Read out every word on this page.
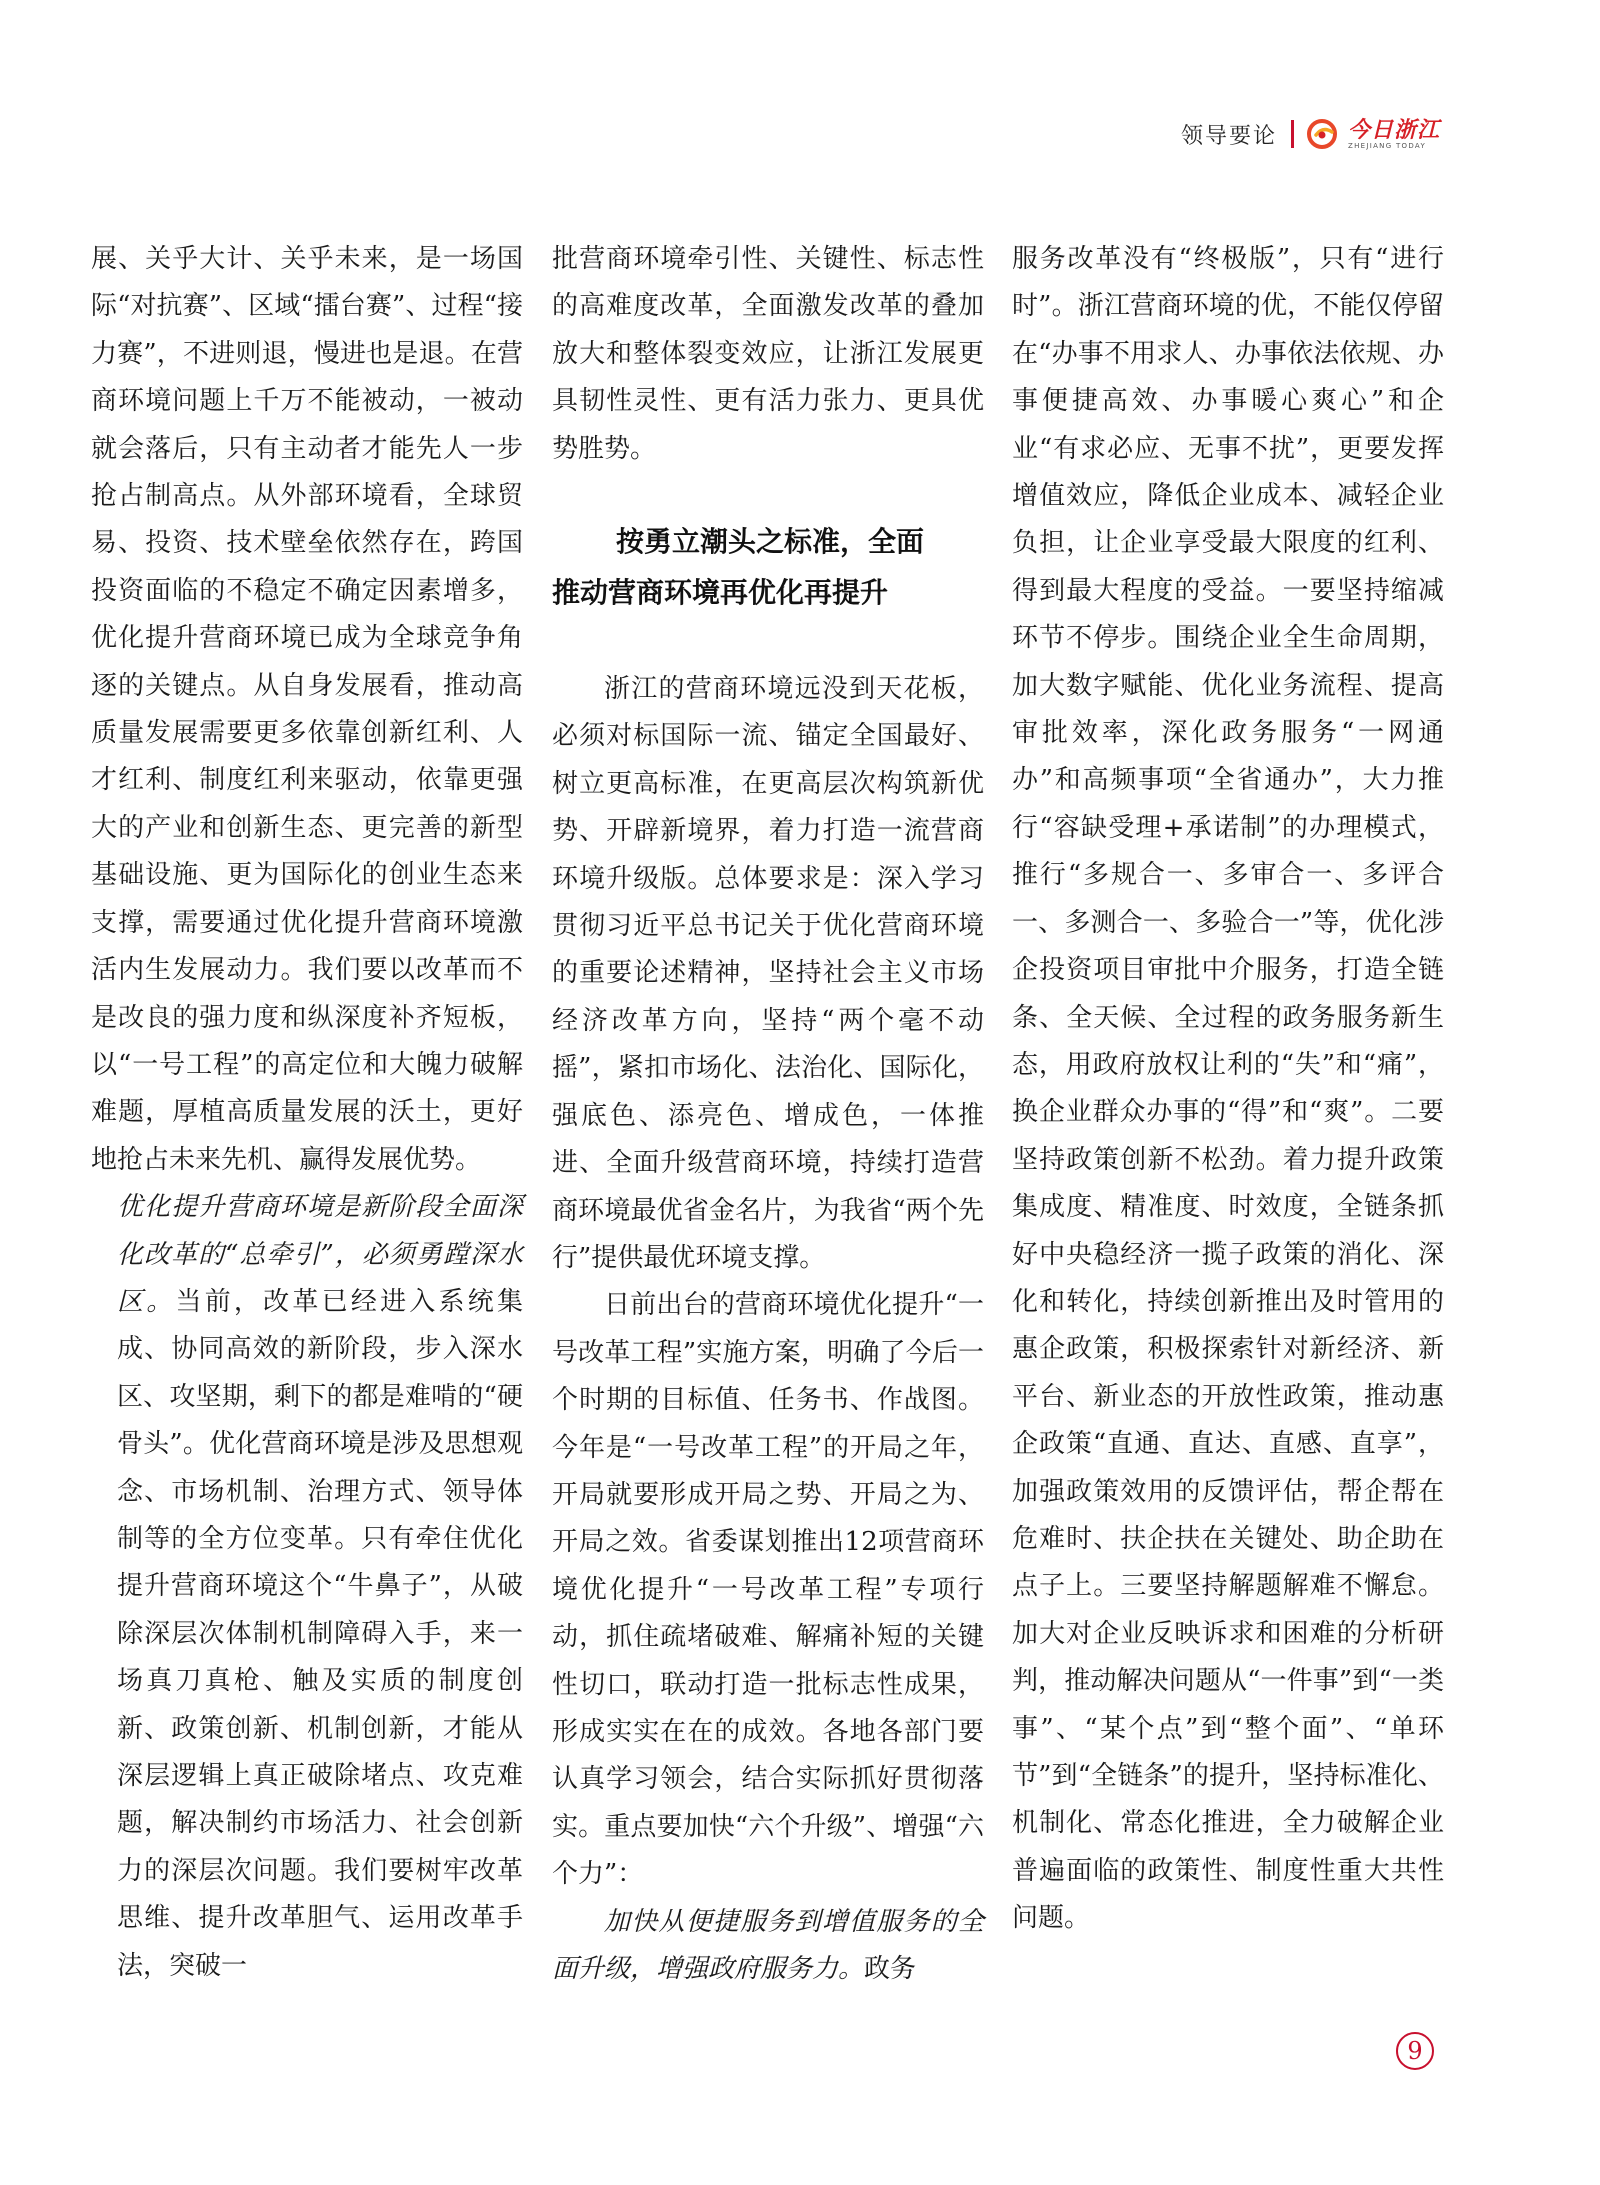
领导要论	今日浙江
ZHEJIANG TODAY

展、关乎大计、关乎未来，是一场国际“对抗赛”、区域“擂台赛”、过程“接力赛”，不进则退，慢进也是退。在营商环境问题上千万不能被动，一被动就会落后，只有主动者才能先人一步抢占制高点。从外部环境看，全球贸易、投资、技术壁垒依然存在，跨国投资面临的不稳定不确定因素增多，优化提升营商环境已成为全球竞争角逐的关键点。从自身发展看，推动高质量发展需要更多依靠创新红利、人才红利、制度红利来驱动，依靠更强大的产业和创新生态、更完善的新型基础设施、更为国际化的创业生态来支撑，需要通过优化提升营商环境激活内生发展动力。我们要以改革而不是改良的强力度和纵深度补齐短板，以“一号工程”的高定位和大魄力破解难题，厚植高质量发展的沃土，更好地抢占未来先机、赢得发展优势。

优化提升营商环境是新阶段全面深化改革的“总牵引”，必须勇蹚深水区。当前，改革已经进入系统集成、协同高效的新阶段，步入深水区、攻坚期，剩下的都是难啃的“硬骨头”。优化营商环境是涉及思想观念、市场机制、治理方式、领导体制等的全方位变革。只有牵住优化提升营商环境这个“牛鼻子”，从破除深层次体制机制障碍入手，来一场真刀真枪、触及实质的制度创新、政策创新、机制创新，才能从深层逻辑上真正破除堵点、攻克难题，解决制约市场活力、社会创新力的深层次问题。我们要树牢改革思维、提升改革胆气、运用改革手法，突破一

批营商环境牵引性、关键性、标志性的高难度改革，全面激发改革的叠加放大和整体裂变效应，让浙江发展更具韧性灵性、更有活力张力、更具优势胜势。

按勇立潮头之标准，全面
推动营商环境再优化再提升

浙江的营商环境远没到天花板，必须对标国际一流、锚定全国最好、树立更高标准，在更高层次构筑新优势、开辟新境界，着力打造一流营商环境升级版。总体要求是：深入学习贯彻习近平总书记关于优化营商环境的重要论述精神，坚持社会主义市场经济改革方向，坚持“两个毫不动摇”，紧扣市场化、法治化、国际化，强底色、添亮色、增成色，一体推进、全面升级营商环境，持续打造营商环境最优省金名片，为我省“两个先行”提供最优环境支撑。

日前出台的营商环境优化提升“一号改革工程”实施方案，明确了今后一个时期的目标值、任务书、作战图。今年是“一号改革工程”的开局之年，开局就要形成开局之势、开局之为、开局之效。省委谋划推出12项营商环境优化提升“一号改革工程”专项行动，抓住疏堵破难、解痛补短的关键性切口，联动打造一批标志性成果，形成实实在在的成效。各地各部门要认真学习领会，结合实际抓好贯彻落实。重点要加快“六个升级”、增强“六个力”：

加快从便捷服务到增值服务的全面升级，增强政府服务力。政务

服务改革没有“终极版”，只有“进行时”。浙江营商环境的优，不能仅停留在“办事不用求人、办事依法依规、办事便捷高效、办事暖心爽心”和企业“有求必应、无事不扰”，更要发挥增值效应，降低企业成本、减轻企业负担，让企业享受最大限度的红利、得到最大程度的受益。一要坚持缩减环节不停步。围绕企业全生命周期，加大数字赋能、优化业务流程、提高审批效率，深化政务服务“一网通办”和高频事项“全省通办”，大力推行“容缺受理+承诺制”的办理模式，推行“多规合一、多审合一、多评合一、多测合一、多验合一”等，优化涉企投资项目审批中介服务，打造全链条、全天候、全过程的政务服务新生态，用政府放权让利的“失”和“痛”，换企业群众办事的“得”和“爽”。二要坚持政策创新不松劲。着力提升政策集成度、精准度、时效度，全链条抓好中央稳经济一揽子政策的消化、深化和转化，持续创新推出及时管用的惠企政策，积极探索针对新经济、新平台、新业态的开放性政策，推动惠企政策“直通、直达、直感、直享”，加强政策效用的反馈评估，帮企帮在危难时、扶企扶在关键处、助企助在点子上。三要坚持解题解难不懈怠。加大对企业反映诉求和困难的分析研判，推动解决问题从“一件事”到“一类事”、“某个点”到“整个面”、“单环节”到“全链条”的提升，坚持标准化、机制化、常态化推进，全力破解企业普遍面临的政策性、制度性重大共性问题。

9
